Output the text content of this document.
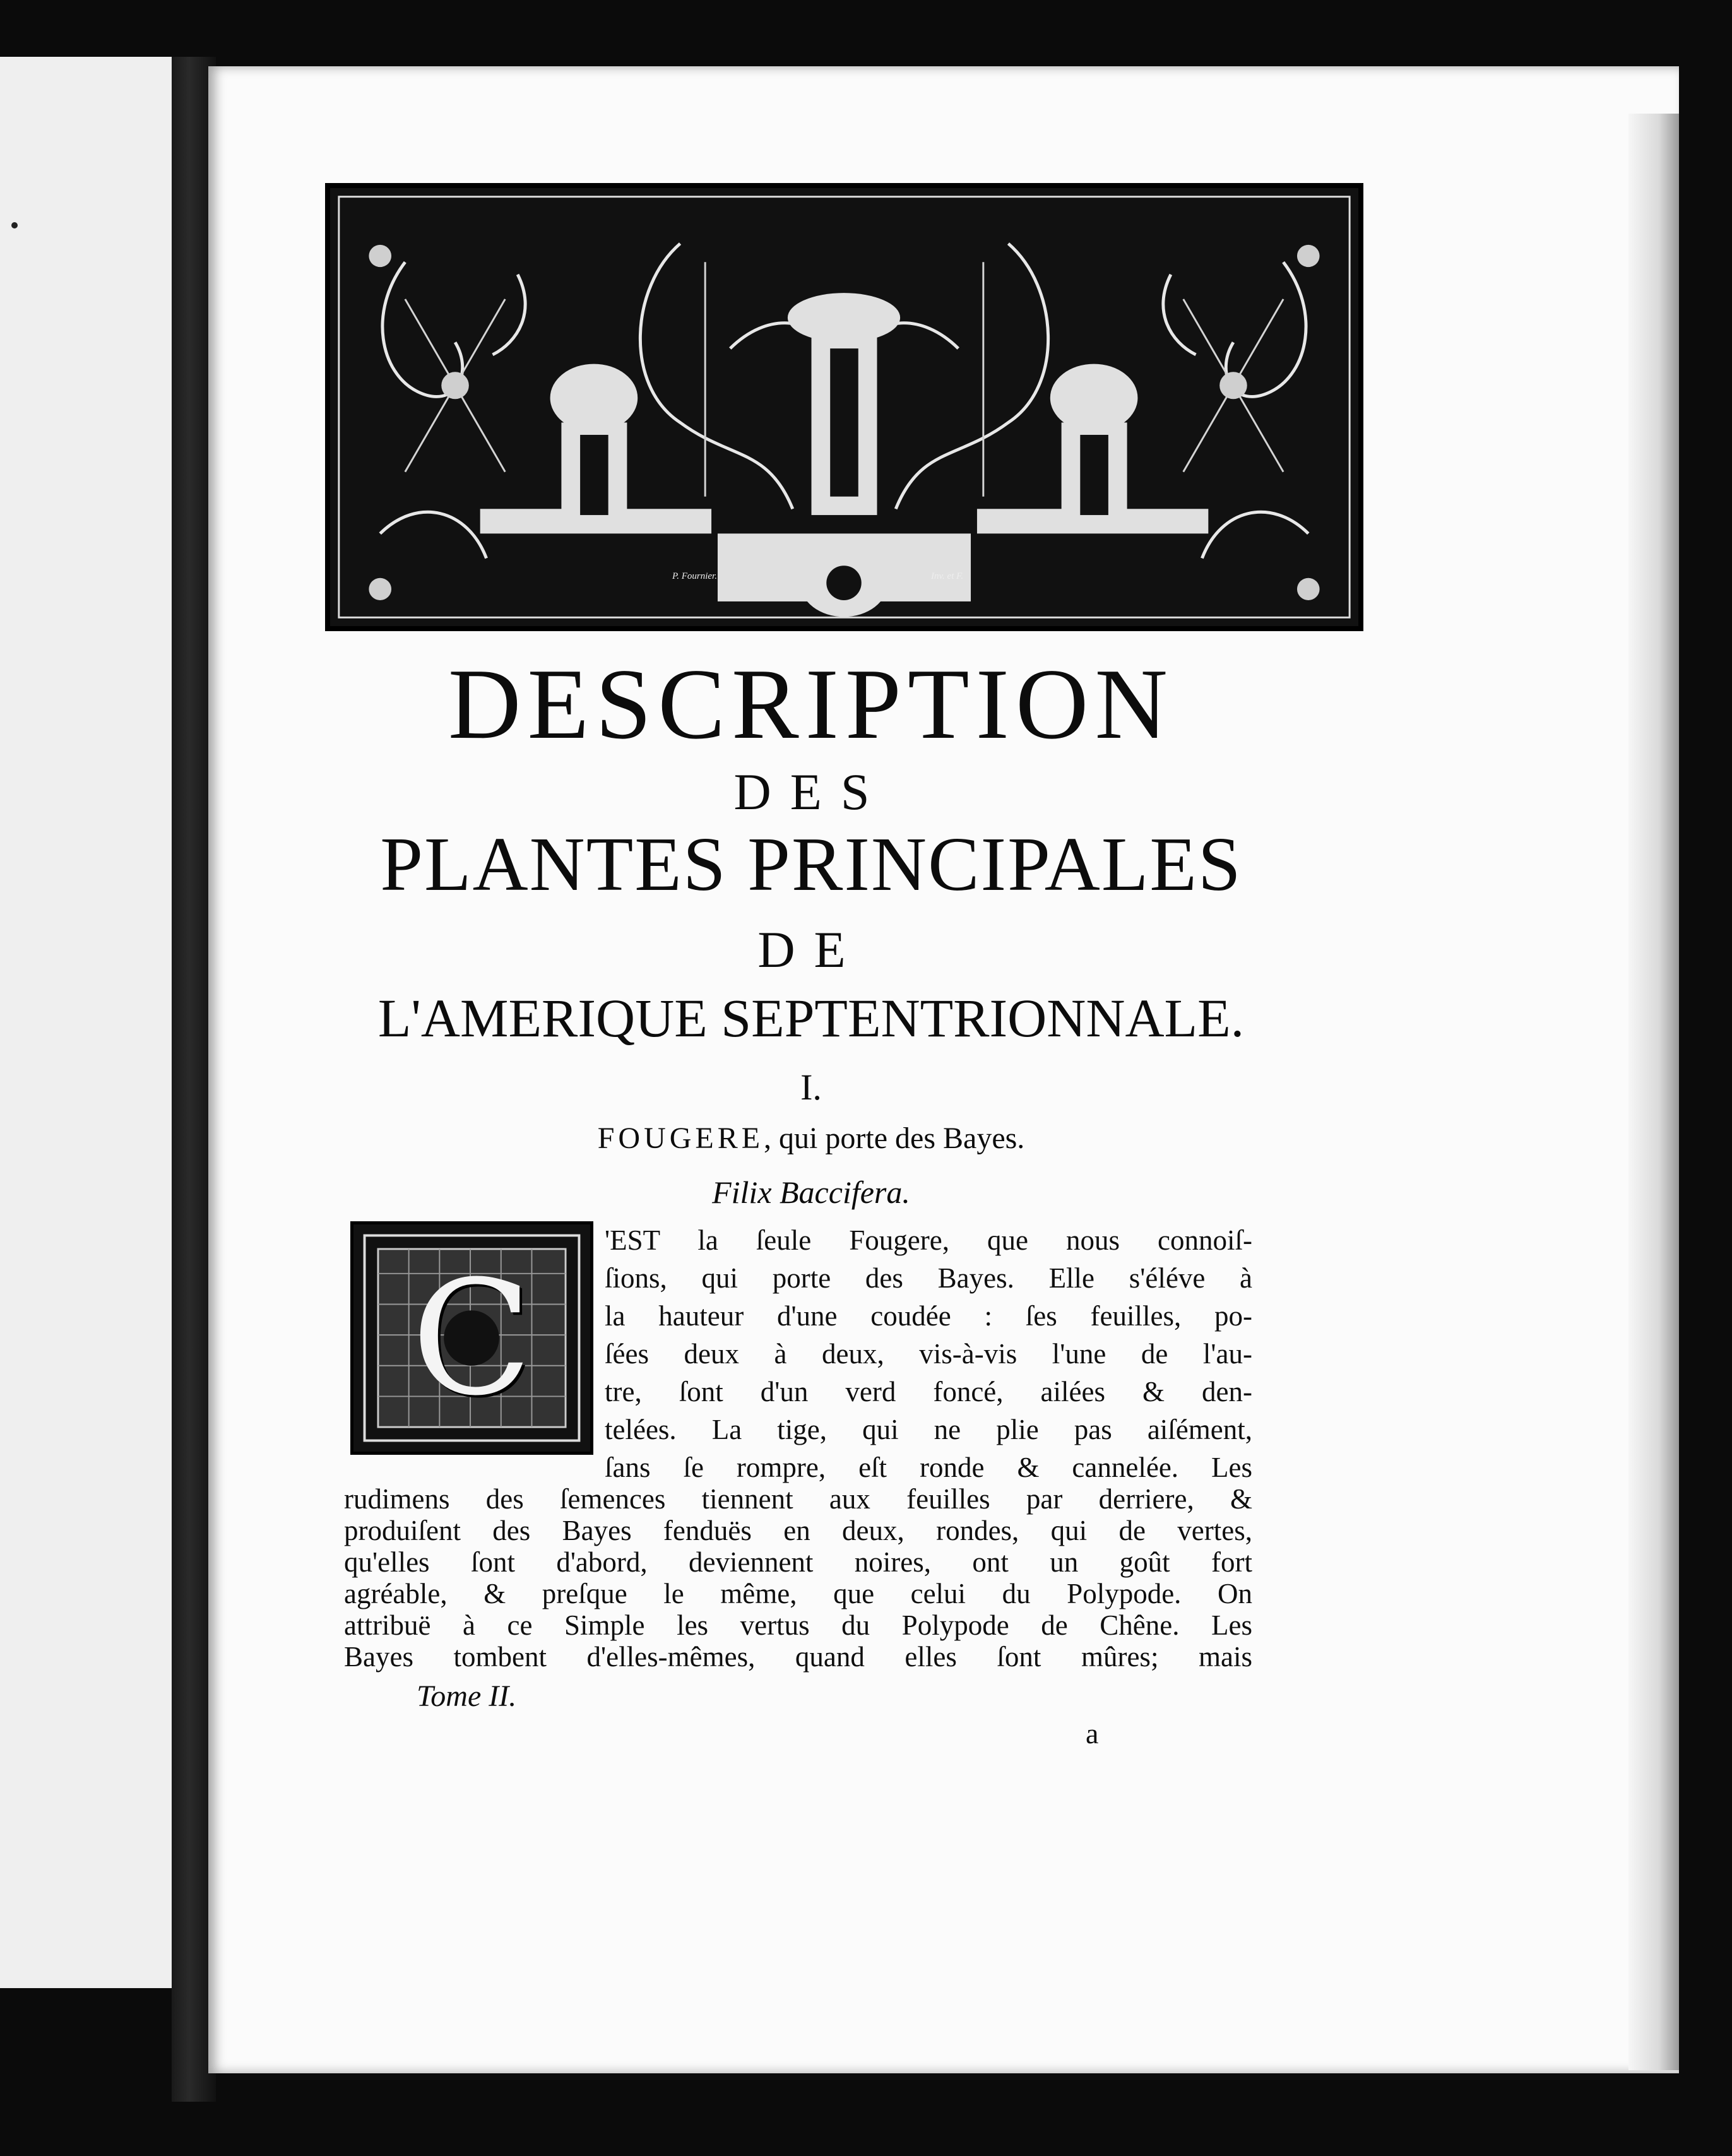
P. Fournier.	Inv. et F.
DESCRIPTION
DES
PLANTES PRINCIPALES
DE
L'AMERIQUE SEPTENTRIONNALE.
I.
FOUGERE, qui porte des Bayes.
Filix Baccifera.
C
'EST la ſeule Fougere, que nous connoiſ-
ſions, qui porte des Bayes. Elle s'éléve à
la hauteur d'une coudée : ſes feuilles, po-
ſées deux à deux, vis-à-vis l'une de l'au-
tre, ſont d'un verd foncé, ailées & den-
telées. La tige, qui ne plie pas aiſément,
ſans ſe rompre, eſt ronde & cannelée. Les
rudimens des ſemences tiennent aux feuilles par derriere, &
produiſent des Bayes fenduës en deux, rondes, qui de vertes,
qu'elles ſont d'abord, deviennent noires, ont un goût fort
agréable, & preſque le même, que celui du Polypode. On
attribuë à ce Simple les vertus du Polypode de Chêne. Les
Bayes tombent d'elles-mêmes, quand elles ſont mûres; mais
Tome II.
a
